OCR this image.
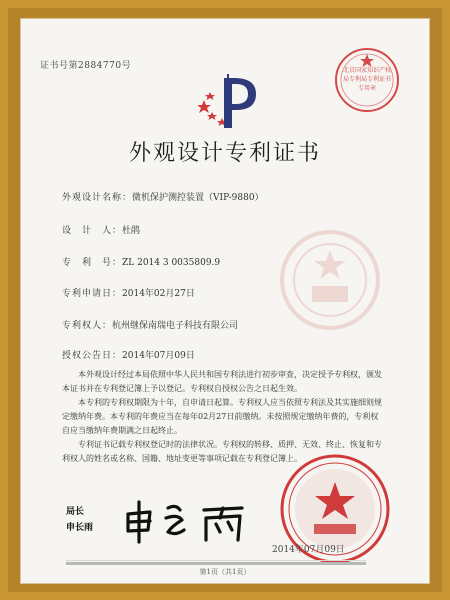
证书号第2884770号	北京国家知识产权局专利局专利证书专用章
外观设计专利证书
外观设计名称：微机保护测控装置（VIP-9880）
设　计　人：杜鹃
专　利　号：ZL 2014 3 0035809.9
专利申请日：2014年02月27日
专利权人：杭州继保南瑞电子科技有限公司
授权公告日：2014年07月09日

本外观设计经过本局依照中华人民共和国专利法进行初步审查，决定授予专利权，颁发本证书并在专利登记簿上予以登记。专利权自授权公告之日起生效。

本专利的专利权期限为十年，自申请日起算。专利权人应当依照专利法及其实施细则规定缴纳年费。本专利的年费应当在每年02月27日前缴纳。未按照规定缴纳年费的，专利权自应当缴纳年费期满之日起终止。

专利证书记载专利权登记时的法律状况。专利权的转移、质押、无效、终止、恢复和专利权人的姓名或名称、国籍、地址变更等事项记载在专利登记簿上。

局长
申长雨
2014年07月09日
第1页（共1页）
